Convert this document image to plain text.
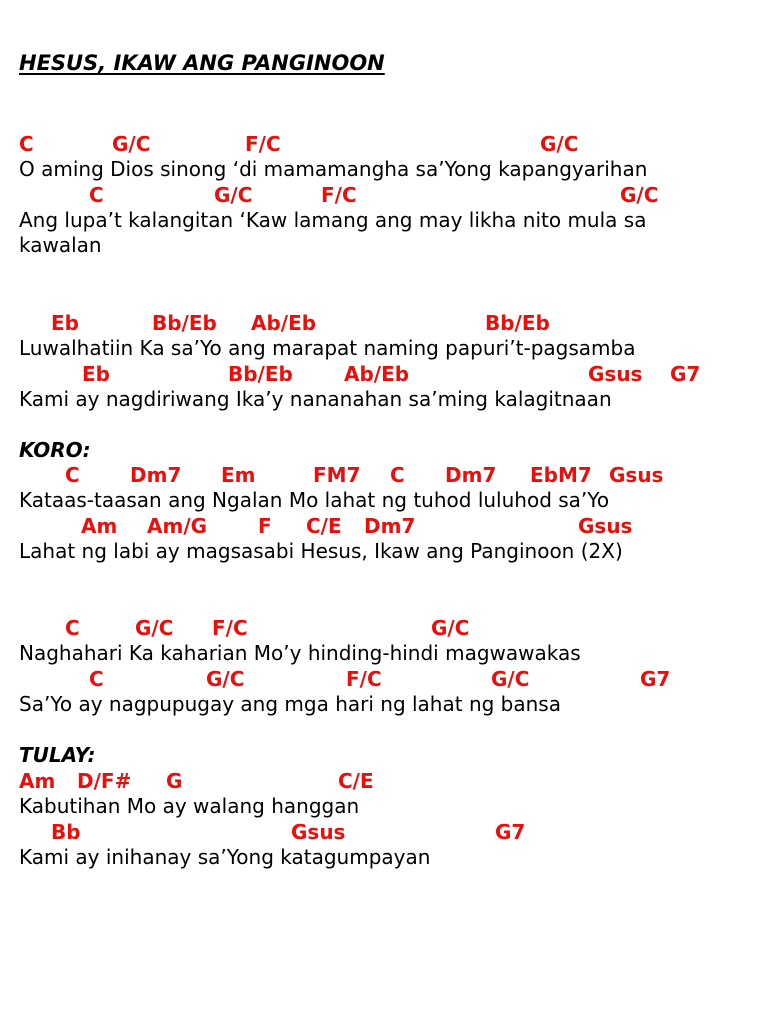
HESUS, IKAW ANG PANGINOON
C	G/C	F/C	G/C
O aming Dios sinong ‘di mamamangha sa’Yong kapangyarihan
C	G/C	F/C	G/C
Ang lupa’t kalangitan ‘Kaw lamang ang may likha nito mula sa
kawalan
Eb	Bb/Eb Ab/Eb	Bb/Eb
Luwalhatiin Ka sa’Yo ang marapat naming papuri’t-pagsamba
Eb	Bb/Eb	Ab/Eb	Gsus G7
Kami ay nagdiriwang Ika’y nananahan sa’ming kalagitnaan
KORO:
C	Dm7 Em	FM7 C Dm7 EbM7 Gsus
Kataas-taasan ang Ngalan Mo lahat ng tuhod luluhod sa’Yo
Am Am/G	F C/E Dm7	Gsus
Lahat ng labi ay magsasabi Hesus, Ikaw ang Panginoon (2X)
C	G/C F/C	G/C
Naghahari Ka kaharian Mo’y hinding-hindi magwawakas
C	G/C	F/C	G/C	G7
Sa’Yo ay nagpupugay ang mga hari ng lahat ng bansa
TULAY:
Am D/F# G	C/E
Kabutihan Mo ay walang hanggan
Bb	Gsus	G7
Kami ay inihanay sa’Yong katagumpayan
